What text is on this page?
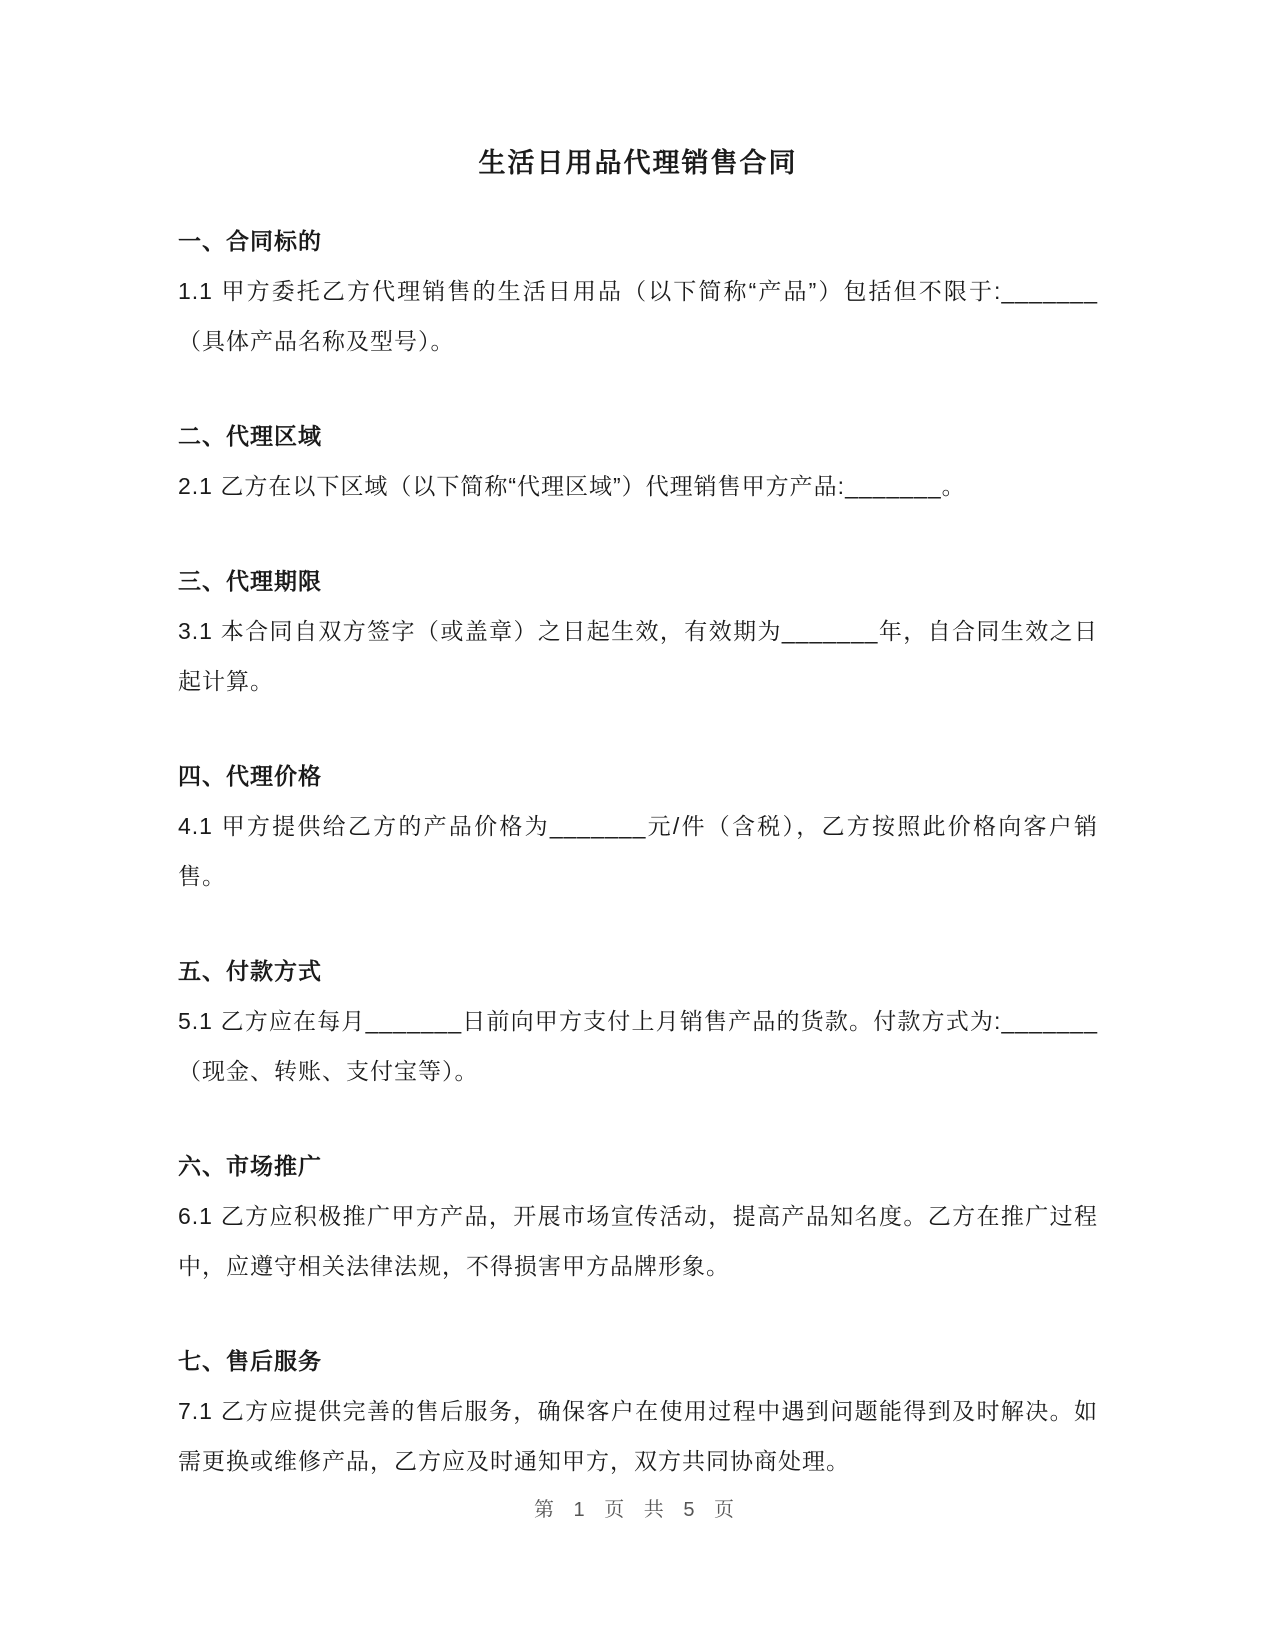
生活日用品代理销售合同
一、合同标的

1.1 甲方委托乙方代理销售的生活日用品（以下简称“产品”）包括但不限于:_______（具体产品名称及型号）。

二、代理区域

2.1 乙方在以下区域（以下简称“代理区域”）代理销售甲方产品:_______。

三、代理期限

3.1 本合同自双方签字（或盖章）之日起生效，有效期为_______年，自合同生效之日起计算。

四、代理价格

4.1 甲方提供给乙方的产品价格为_______元/件（含税），乙方按照此价格向客户销售。

五、付款方式

5.1 乙方应在每月_______日前向甲方支付上月销售产品的货款。付款方式为:_______（现金、转账、支付宝等）。

六、市场推广

6.1 乙方应积极推广甲方产品，开展市场宣传活动，提高产品知名度。乙方在推广过程中，应遵守相关法律法规，不得损害甲方品牌形象。

七、售后服务

7.1 乙方应提供完善的售后服务，确保客户在使用过程中遇到问题能得到及时解决。如需更换或维修产品，乙方应及时通知甲方，双方共同协商处理。

第 1 页 共 5 页
